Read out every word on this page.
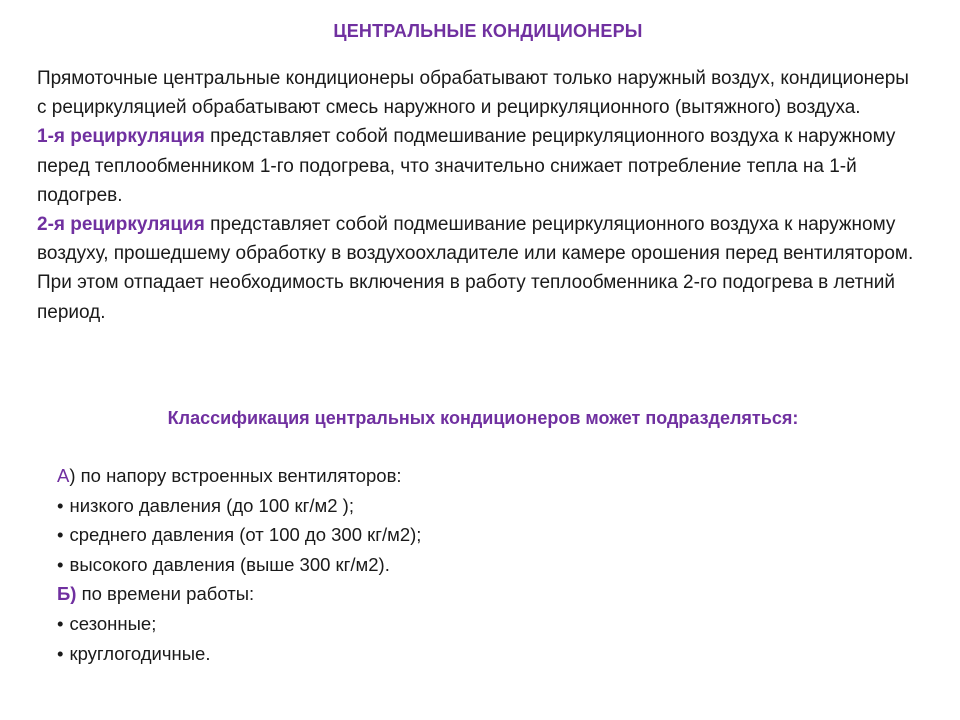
ЦЕНТРАЛЬНЫЕ КОНДИЦИОНЕРЫ

Прямоточные центральные кондиционеры обрабатывают только наружный воздух, кондиционеры с рециркуляцией обрабатывают смесь наружного и рециркуляционного (вытяжного) воздуха.

1-я рециркуляция представляет собой подмешивание рециркуляционного воздуха к наружному перед теплообменником 1-го подогрева, что значительно снижает потребление тепла на 1-й подогрев.

2-я рециркуляция представляет собой подмешивание рециркуляционного воздуха к наружному воздуху, прошедшему обработку в воздухоохладителе или камере орошения перед вентилятором. При этом отпадает необходимость включения в работу теплообменника 2-го подогрева в летний период.

Классификация центральных кондиционеров может подразделяться:
А) по напору встроенных вентиляторов:
• низкого давления (до 100 кг/м2 );
• среднего давления (от 100 до 300 кг/м2);
• высокого давления (выше 300 кг/м2).
Б) по времени работы:
• сезонные;
• круглогодичные.
